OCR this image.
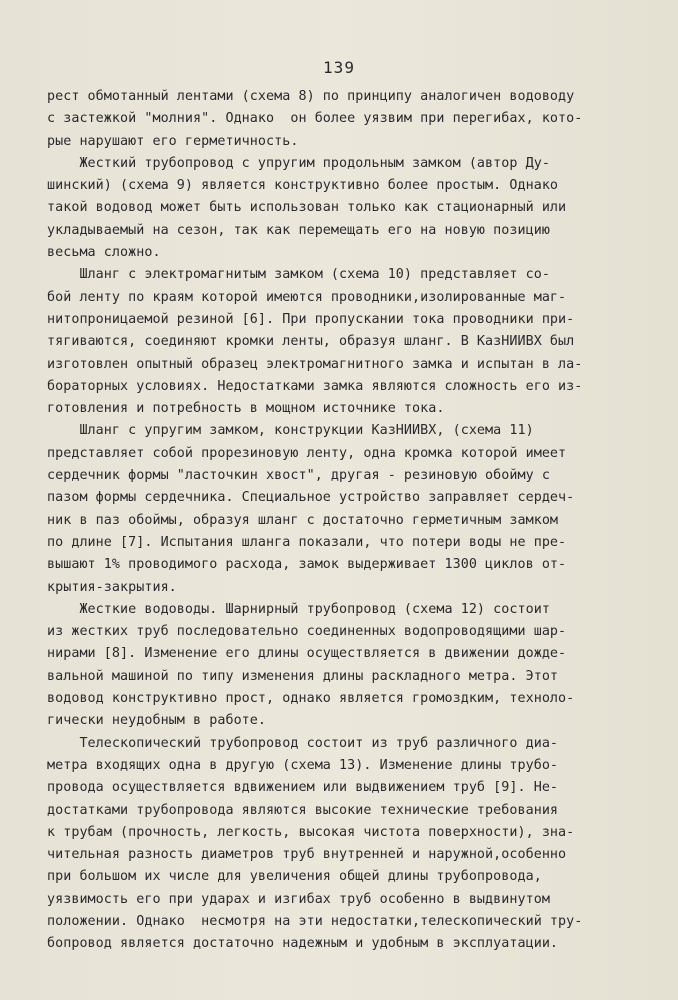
139
рест обмотанный лентами (схема 8) по принципу аналогичен водоводу
с застежкой "молния". Однако  он более уязвим при перегибах, кото-
рые нарушают его герметичность.
Жесткий трубопровод с упругим продольным замком (автор Ду-
шинский) (схема 9) является конструктивно более простым. Однако
такой водовод может быть использован только как стационарный или
укладываемый на сезон, так как перемещать его на новую позицию
весьма сложно.
Шланг с электромагнитым замком (схема 10) представляет со-
бой ленту по краям которой имеются проводники,изолированные маг-
нитопроницаемой резиной [6]. При пропускании тока проводники при-
тягиваются, соединяют кромки ленты, образуя шланг. В КазНИИВХ был
изготовлен опытный образец электромагнитного замка и испытан в ла-
бораторных условиях. Недостатками замка являются сложность его из-
готовления и потребность в мощном источнике тока.
Шланг с упругим замком, конструкции КазНИИВХ, (схема 11)
представляет собой прорезиновую ленту, одна кромка которой имеет
сердечник формы "ласточкин хвост", другая - резиновую обойму с
пазом формы сердечника. Специальное устройство заправляет сердеч-
ник в паз обоймы, образуя шланг с достаточно герметичным замком
по длине [7]. Испытания шланга показали, что потери воды не пре-
вышают 1% проводимого расхода, замок выдерживает 1300 циклов от-
крытия-закрытия.
Жесткие водоводы. Шарнирный трубопровод (схема 12) состоит
из жестких труб последовательно соединенных водопроводящими шар-
нирами [8]. Изменение его длины осуществляется в движении дожде-
вальной машиной по типу изменения длины раскладного метра. Этот
водовод конструктивно прост, однако является громоздким, техноло-
гически неудобным в работе.
Телескопический трубопровод состоит из труб различного диа-
метра входящих одна в другую (схема 13). Изменение длины трубо-
провода осуществляется вдвижением или выдвижением труб [9]. Не-
достатками трубопровода являются высокие технические требования
к трубам (прочность, легкость, высокая чистота поверхности), зна-
чительная разность диаметров труб внутренней и наружной,особенно
при большом их числе для увеличения общей длины трубопровода,
уязвимость его при ударах и изгибах труб особенно в выдвинутом
положении. Однако  несмотря на эти недостатки,телескопический тру-
бопровод является достаточно надежным и удобным в эксплуатации.
